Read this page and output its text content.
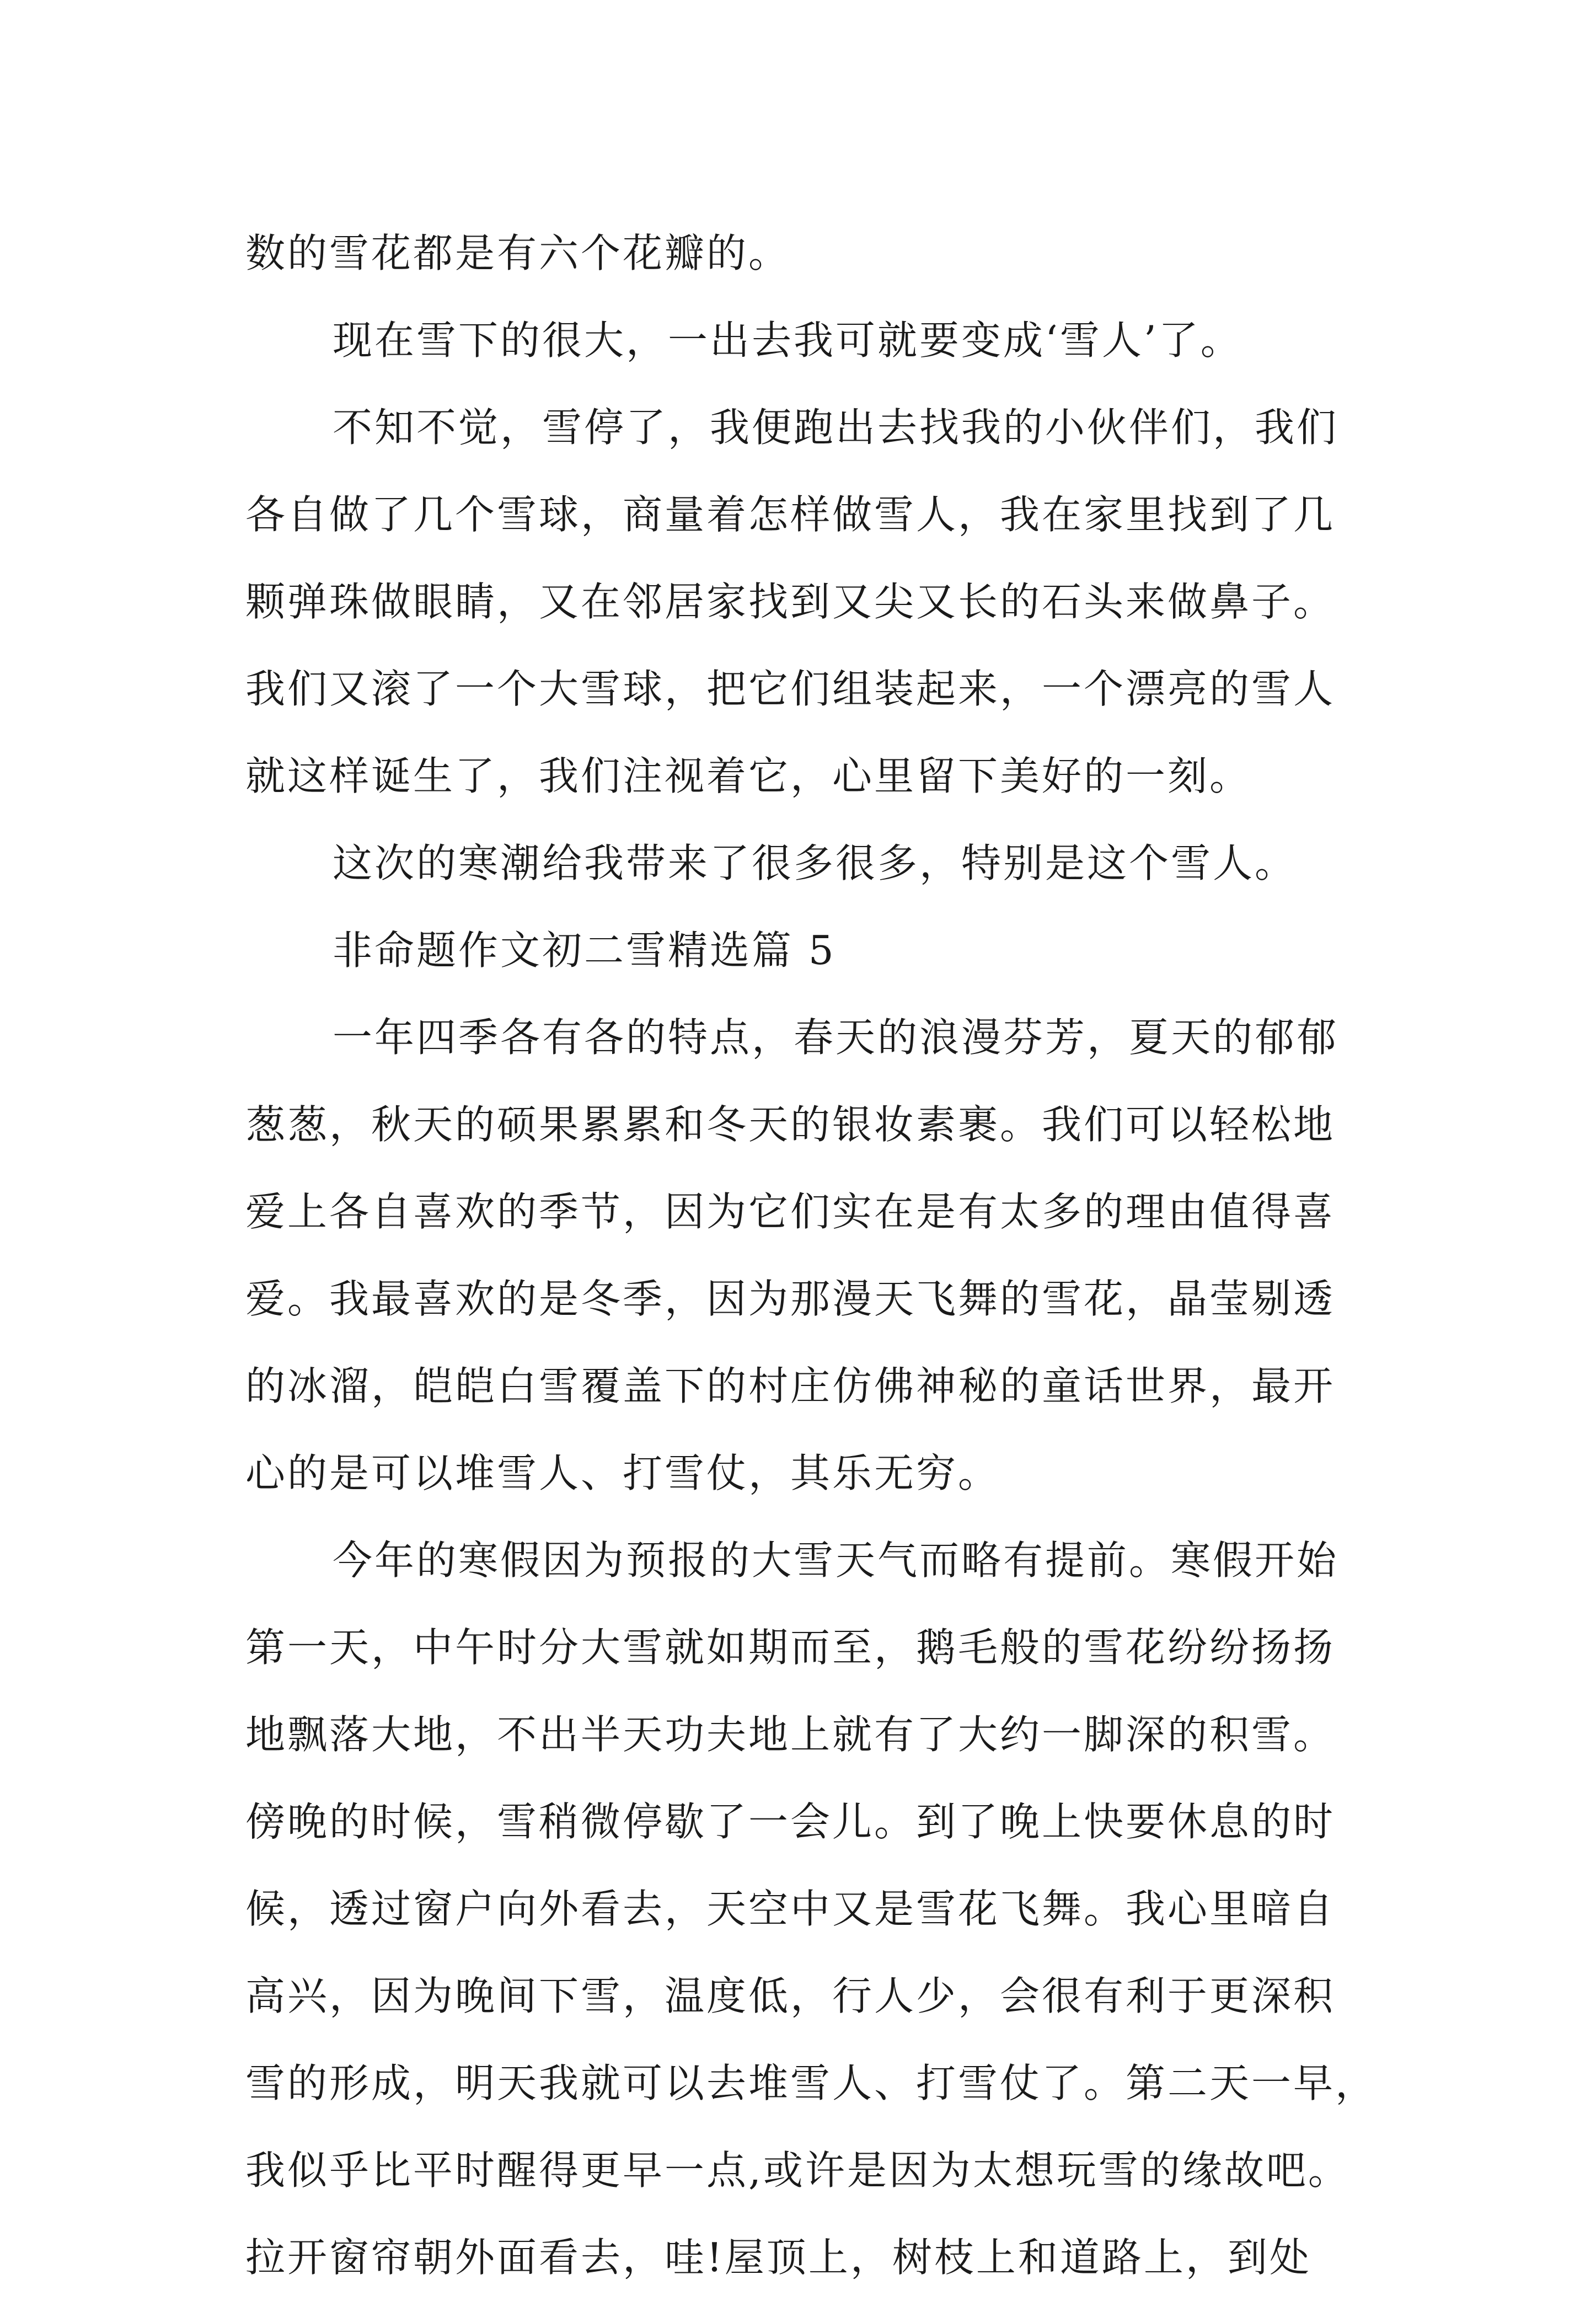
数的雪花都是有六个花瓣的。
现在雪下的很大，一出去我可就要变成‘雪人’了。
不知不觉，雪停了，我便跑出去找我的小伙伴们，我们
各自做了几个雪球，商量着怎样做雪人，我在家里找到了几
颗弹珠做眼睛，又在邻居家找到又尖又长的石头来做鼻子。
我们又滚了一个大雪球，把它们组装起来，一个漂亮的雪人
就这样诞生了，我们注视着它，心里留下美好的一刻。
这次的寒潮给我带来了很多很多，特别是这个雪人。
非命题作文初二雪精选篇 5
一年四季各有各的特点，春天的浪漫芬芳，夏天的郁郁
葱葱，秋天的硕果累累和冬天的银妆素裹。我们可以轻松地
爱上各自喜欢的季节，因为它们实在是有太多的理由值得喜
爱。我最喜欢的是冬季，因为那漫天飞舞的雪花，晶莹剔透
的冰溜，皑皑白雪覆盖下的村庄仿佛神秘的童话世界，最开
心的是可以堆雪人、打雪仗，其乐无穷。
今年的寒假因为预报的大雪天气而略有提前。寒假开始
第一天，中午时分大雪就如期而至，鹅毛般的雪花纷纷扬扬
地飘落大地，不出半天功夫地上就有了大约一脚深的积雪。
傍晚的时候，雪稍微停歇了一会儿。到了晚上快要休息的时
候，透过窗户向外看去，天空中又是雪花飞舞。我心里暗自
高兴，因为晚间下雪，温度低，行人少，会很有利于更深积
雪的形成，明天我就可以去堆雪人、打雪仗了。第二天一早，
我似乎比平时醒得更早一点,或许是因为太想玩雪的缘故吧。
拉开窗帘朝外面看去，哇!屋顶上，树枝上和道路上，到处
